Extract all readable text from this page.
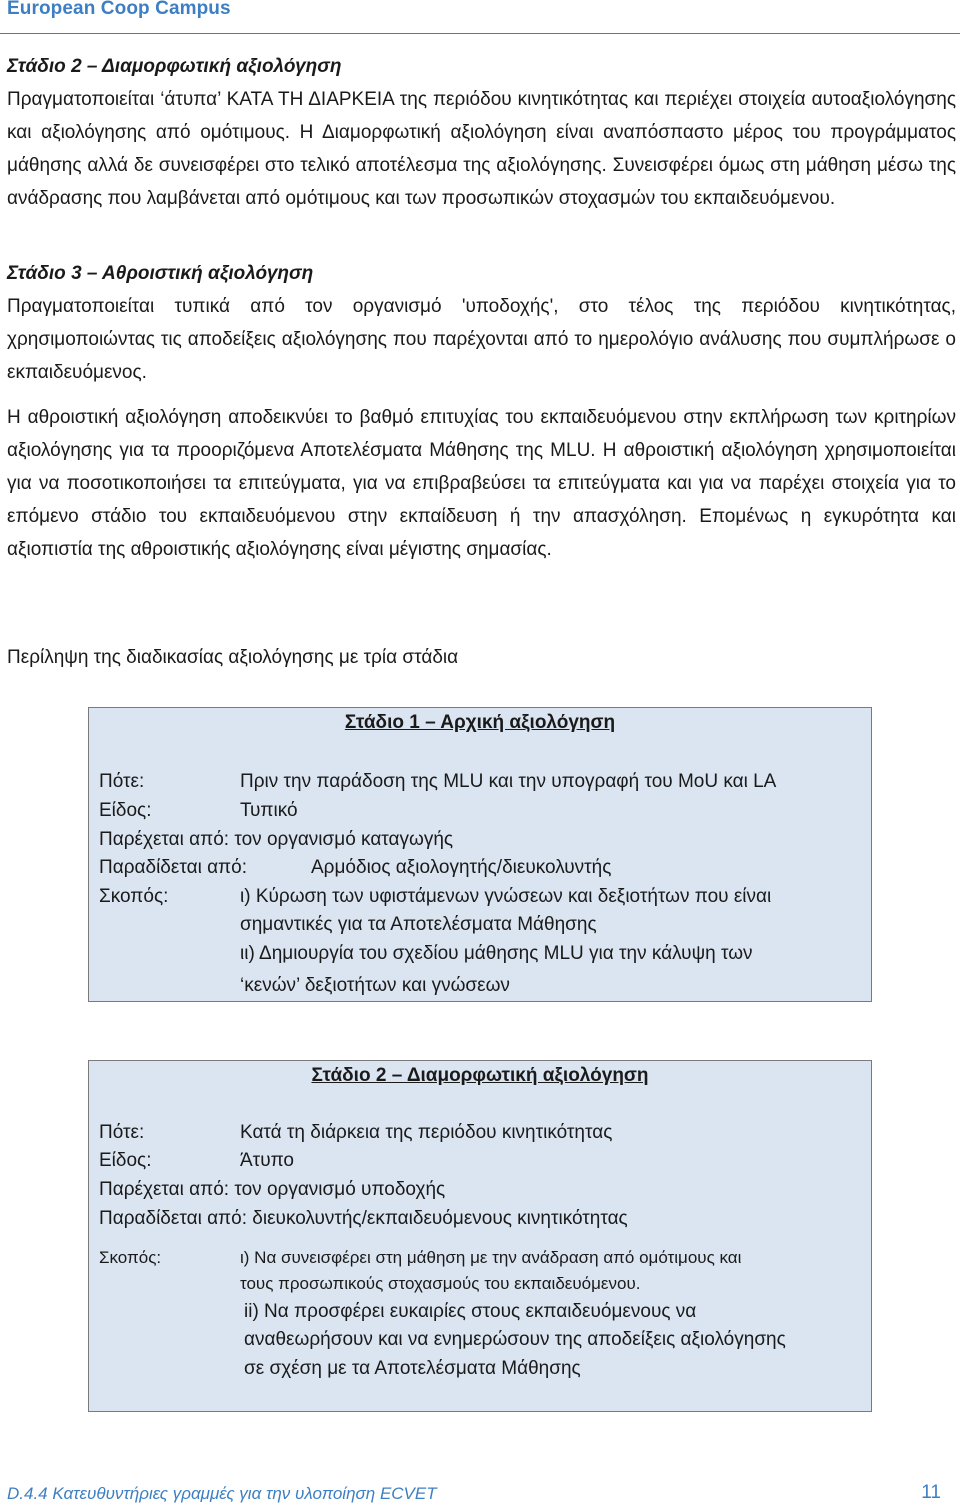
European Coop Campus

Στάδιο 2 – Διαμορφωτική αξιολόγηση

Πραγματοποιείται ‘άτυπα’ ΚΑΤΑ ΤΗ ΔΙΑΡΚΕΙΑ της περιόδου κινητικότητας και περιέχει στοιχεία αυτοαξιολόγησης και αξιολόγησης από ομότιμους. Η Διαμορφωτική αξιολόγηση είναι αναπόσπαστο μέρος του προγράμματος μάθησης αλλά δε συνεισφέρει στο τελικό αποτέλεσμα της αξιολόγησης. Συνεισφέρει όμως στη μάθηση μέσω της ανάδρασης που λαμβάνεται από ομότιμους και των προσωπικών στοχασμών του εκπαιδευόμενου.

Στάδιο 3 – Αθροιστική αξιολόγηση

Πραγματοποιείται τυπικά από τον οργανισμό 'υποδοχής', στο τέλος της περιόδου κινητικότητας, χρησιμοποιώντας τις αποδείξεις αξιολόγησης που παρέχονται από το ημερολόγιο ανάλυσης που συμπλήρωσε ο εκπαιδευόμενος.

Η αθροιστική αξιολόγηση αποδεικνύει το βαθμό επιτυχίας του εκπαιδευόμενου στην εκπλήρωση των κριτηρίων αξιολόγησης για τα προοριζόμενα Αποτελέσματα Μάθησης της MLU. Η αθροιστική αξιολόγηση χρησιμοποιείται για να ποσοτικοποιήσει τα επιτεύγματα, για να επιβραβεύσει τα επιτεύγματα και για να παρέχει στοιχεία για το επόμενο στάδιο του εκπαιδευόμενου στην εκπαίδευση ή την απασχόληση. Επομένως η εγκυρότητα και αξιοπιστία της αθροιστικής αξιολόγησης είναι μέγιστης σημασίας.

Περίληψη της διαδικασίας αξιολόγησης με τρία στάδια
Στάδιο 1 – Αρχική αξιολόγηση
Πότε:	Πριν την παράδοση της MLU και την υπογραφή του MoU και LA
Είδος:	Τυπικό
Παρέχεται από: τον οργανισμό καταγωγής
Παραδίδεται από:	Αρμόδιος αξιολογητής/διευκολυντής
Σκοπός:	ι) Κύρωση των υφιστάμενων γνώσεων και δεξιοτήτων που είναι
σημαντικές για τα Αποτελέσματα Μάθησης
ιι) Δημιουργία του σχεδίου μάθησης MLU για την κάλυψη των
‘κενών’ δεξιοτήτων και γνώσεων
Στάδιο 2 – Διαμορφωτική αξιολόγηση
Πότε:	Κατά τη διάρκεια της περιόδου κινητικότητας
Είδος:	Άτυπο
Παρέχεται από: τον οργανισμό υποδοχής
Παραδίδεται από: διευκολυντής/εκπαιδευόμενους κινητικότητας
Σκοπός:	ι) Να συνεισφέρει στη μάθηση με την ανάδραση από ομότιμους και
τους προσωπικούς στοχασμούς του εκπαιδευόμενου.
ii) Να προσφέρει ευκαιρίες στους εκπαιδευόμενους να
αναθεωρήσουν και να ενημερώσουν της αποδείξεις αξιολόγησης
σε σχέση με τα Αποτελέσματα Μάθησης
D.4.4 Κατευθυντήριες γραμμές για την υλοποίηση ECVET	11
